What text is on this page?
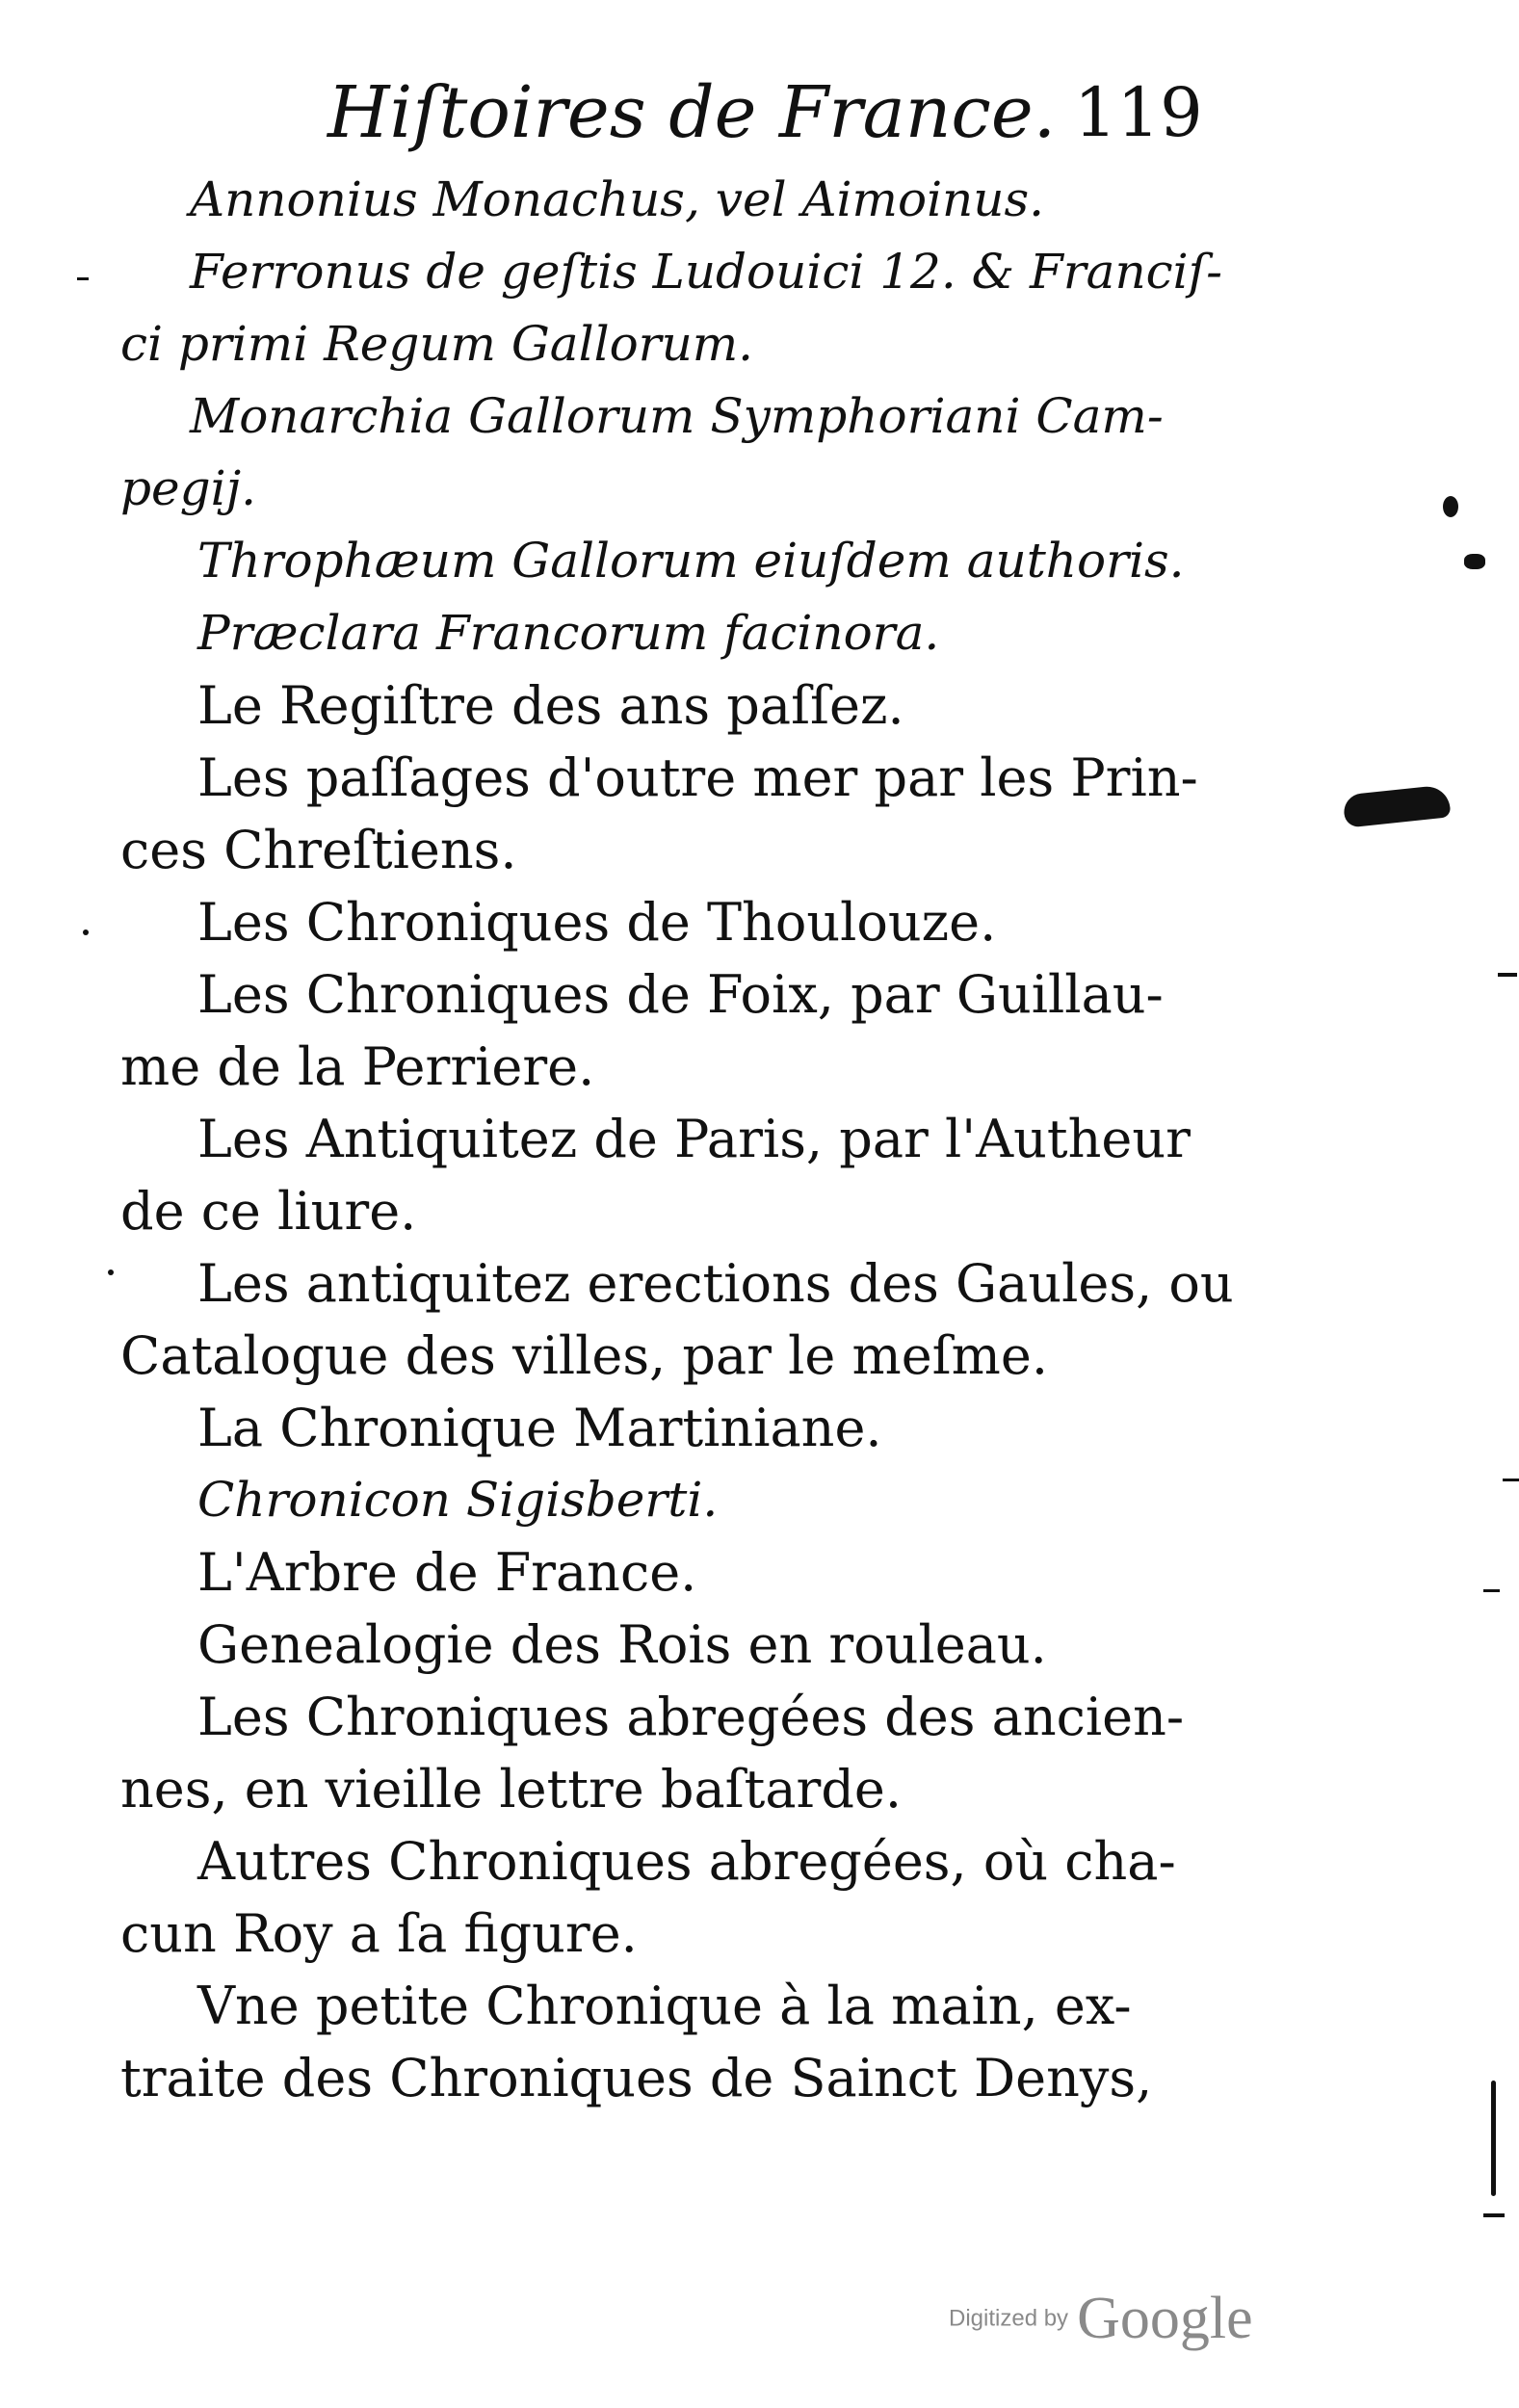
Hiſtoires de France. 119
Annonius Monachus, vel Aimoinus.
Ferronus de geſtis Ludouici 12. & Franciſ-
ci primi Regum Gallorum.
Monarchia Gallorum Symphoriani Cam-
pegij.
Throphæum Gallorum eiuſdem authoris.
Præclara Francorum facinora.
Le Regiſtre des ans paſſez.
Les paſſages d'outre mer par les Prin-
ces Chreſtiens.
Les Chroniques de Thoulouze.
Les Chroniques de Foix, par Guillau-
me de la Perriere.
Les Antiquitez de Paris, par l'Autheur
de ce liure.
Les antiquitez erections des Gaules, ou
Catalogue des villes, par le meſme.
La Chronique Martiniane.
Chronicon Sigisberti.
L'Arbre de France.
Genealogie des Rois en rouleau.
Les Chroniques abregées des ancien-
nes, en vieille lettre baſtarde.
Autres Chroniques abregées, où cha-
cun Roy a ſa figure.
Vne petite Chronique à la main, ex-
traite des Chroniques de Sainct Denys,
Digitized by Google
